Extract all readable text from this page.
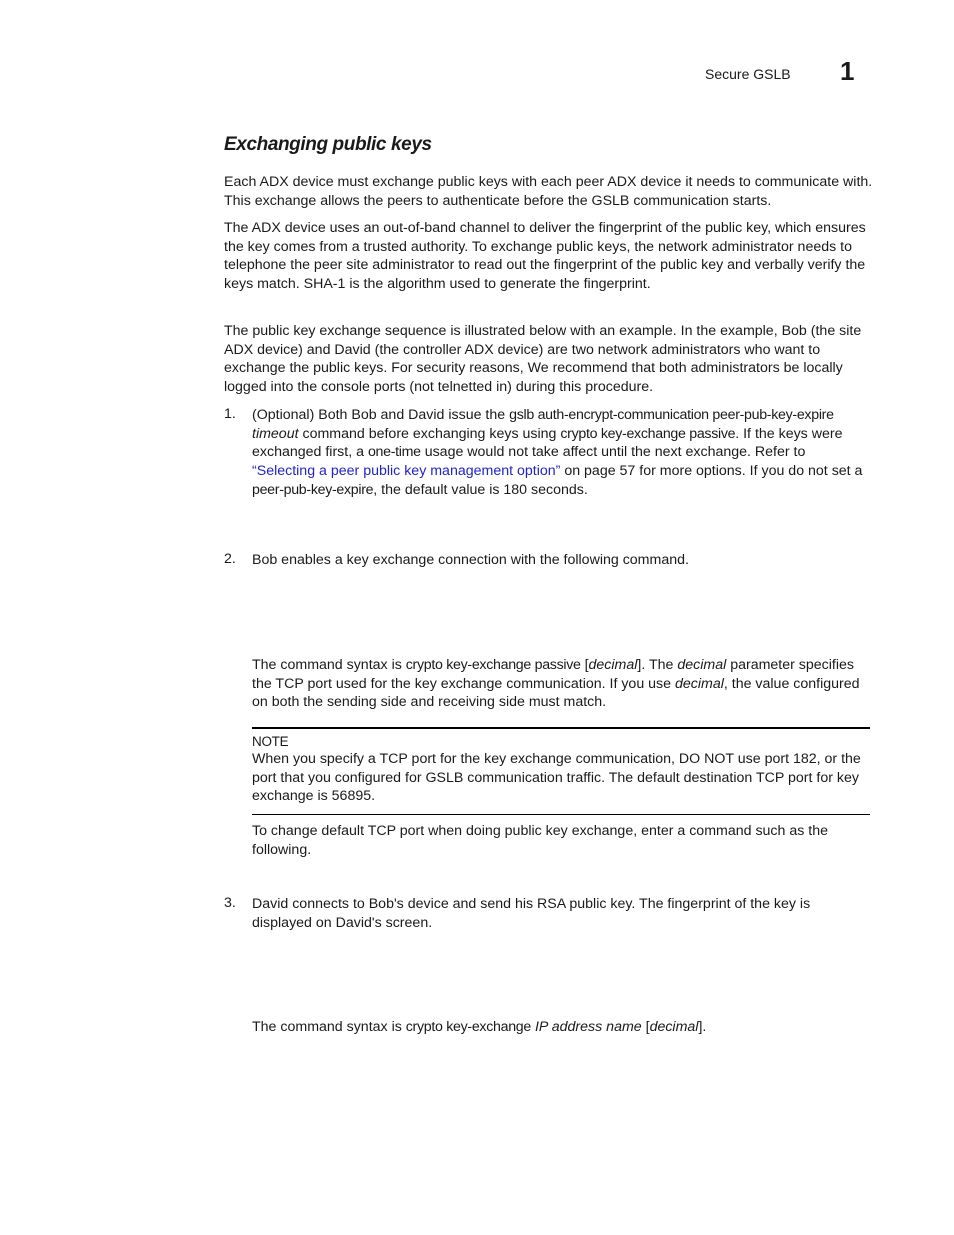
Secure GSLB 1
Exchanging public keys

Each ADX device must exchange public keys with each peer ADX device it needs to communicate with. This exchange allows the peers to authenticate before the GSLB communication starts.

The ADX device uses an out-of-band channel to deliver the fingerprint of the public key, which ensures the key comes from a trusted authority. To exchange public keys, the network administrator needs to telephone the peer site administrator to read out the fingerprint of the public key and verbally verify the keys match. SHA-1 is the algorithm used to generate the fingerprint.

The public key exchange sequence is illustrated below with an example. In the example, Bob (the site ADX device) and David (the controller ADX device) are two network administrators who want to exchange the public keys. For security reasons, We recommend that both administrators be locally logged into the console ports (not telnetted in) during this procedure.

1.	(Optional) Both Bob and David issue the gslb auth-encrypt-communication peer-pub-key-expire timeout command before exchanging keys using crypto key-exchange passive. If the keys were exchanged first, a one-time usage would not take affect until the next exchange. Refer to “Selecting a peer public key management option” on page 57 for more options. If you do not set a peer-pub-key-expire, the default value is 180 seconds.
2.	Bob enables a key exchange connection with the following command.

The command syntax is crypto key-exchange passive [decimal]. The decimal parameter specifies the TCP port used for the key exchange communication. If you use decimal, the value configured on both the sending side and receiving side must match.

NOTE
When you specify a TCP port for the key exchange communication, DO NOT use port 182, or the port that you configured for GSLB communication traffic. The default destination TCP port for key exchange is 56895.

To change default TCP port when doing public key exchange, enter a command such as the following.

3.	David connects to Bob's device and send his RSA public key. The fingerprint of the key is displayed on David's screen.

The command syntax is crypto key-exchange IP address name [decimal].
